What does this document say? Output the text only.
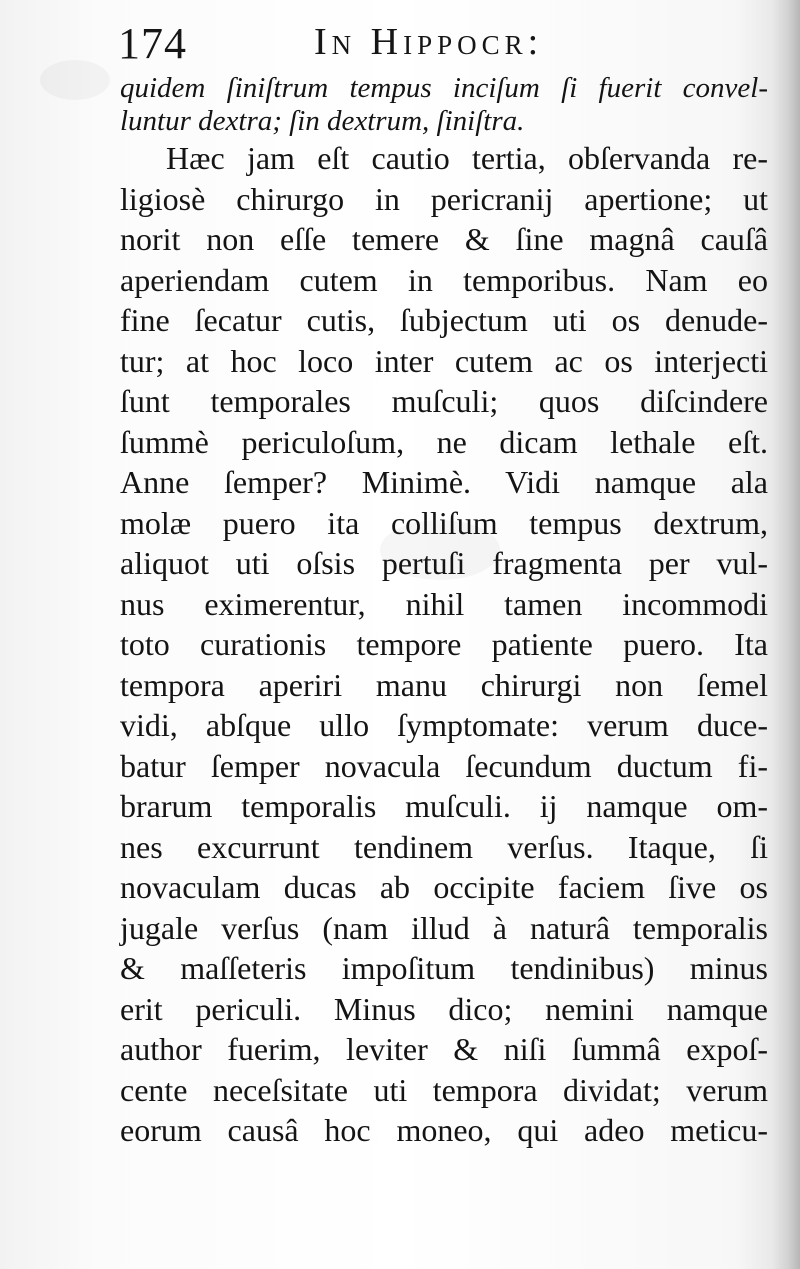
174	In Hippocr:
quidem ſiniſtrum tempus inciſum ſi fuerit convel-
luntur dextra; ſin dextrum, ſiniſtra.
Hæc jam eſt cautio tertia, obſervanda re-
ligiosè chirurgo in pericranij apertione; ut
norit non eſſe temere & ſine magnâ cauſâ
aperiendam cutem in temporibus. Nam eo
fine ſecatur cutis, ſubjectum uti os denude-
tur; at hoc loco inter cutem ac os interjecti
ſunt temporales muſculi; quos diſcindere
ſummè periculoſum, ne dicam lethale eſt.
Anne ſemper? Minimè. Vidi namque ala
molæ puero ita colliſum tempus dextrum,
aliquot uti oſsis pertuſi fragmenta per vul-
nus eximerentur, nihil tamen incommodi
toto curationis tempore patiente puero. Ita
tempora aperiri manu chirurgi non ſemel
vidi, abſque ullo ſymptomate: verum duce-
batur ſemper novacula ſecundum ductum fi-
brarum temporalis muſculi. ij namque om-
nes excurrunt tendinem verſus. Itaque, ſi
novaculam ducas ab occipite faciem ſive os
jugale verſus (nam illud à naturâ temporalis
& maſſeteris impoſitum tendinibus) minus
erit periculi. Minus dico; nemini namque
author fuerim, leviter & niſi ſummâ expoſ-
cente neceſsitate uti tempora dividat; verum
eorum causâ hoc moneo, qui adeo meticu-
